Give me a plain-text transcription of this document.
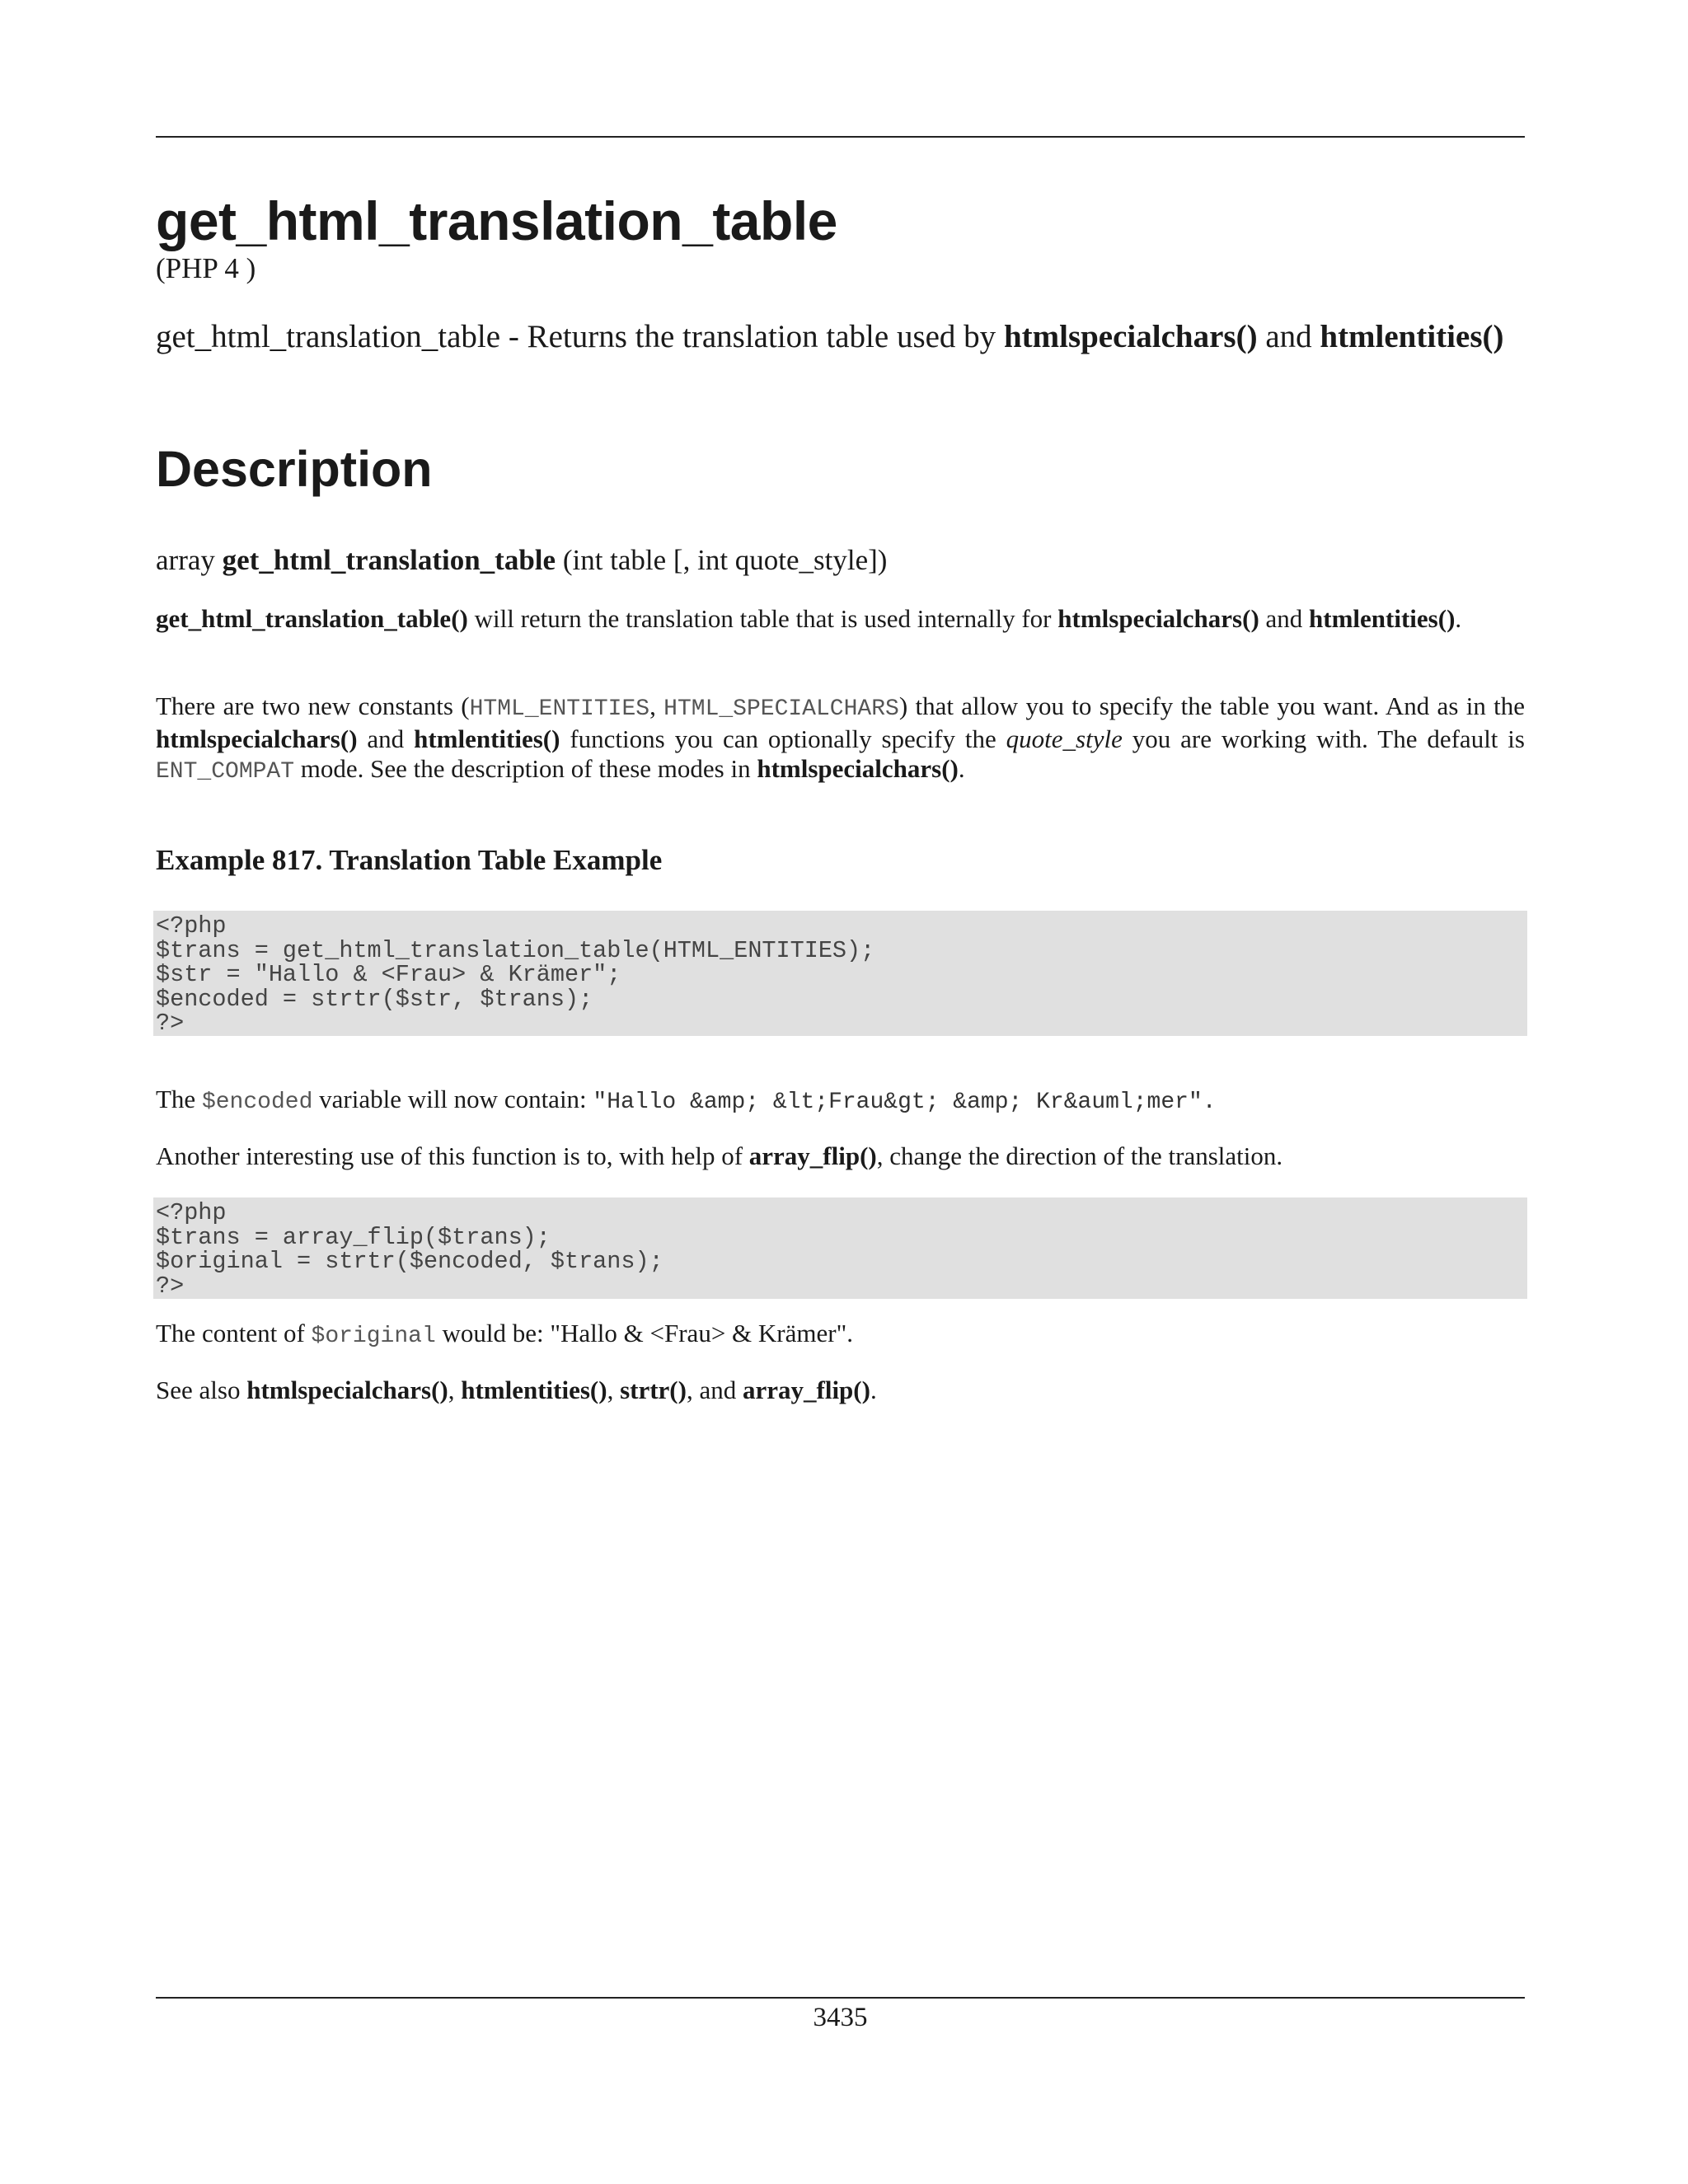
get_html_translation_table
(PHP 4 )
get_html_translation_table - Returns the translation table used by htmlspecialchars() and htmlentities()
Description
array get_html_translation_table (int table [, int quote_style])
get_html_translation_table() will return the translation table that is used internally for htmlspecialchars() and htmlentities().
There are two new constants (HTML_ENTITIES, HTML_SPECIALCHARS) that allow you to specify the table you want. And as in the htmlspecialchars() and htmlentities() functions you can optionally specify the quote_style you are working with. The default is ENT_COMPAT mode. See the description of these modes in htmlspecialchars().
Example 817. Translation Table Example
<?php
$trans = get_html_translation_table(HTML_ENTITIES);
$str = "Hallo & <Frau> & Krämer";
$encoded = strtr($str, $trans);
?>
The $encoded variable will now contain: "Hallo &amp; &lt;Frau&gt; &amp; Kr&auml;mer".
Another interesting use of this function is to, with help of array_flip(), change the direction of the translation.
<?php
$trans = array_flip($trans);
$original = strtr($encoded, $trans);
?>
The content of $original would be: "Hallo & <Frau> & Krämer".
See also htmlspecialchars(), htmlentities(), strtr(), and array_flip().
3435
